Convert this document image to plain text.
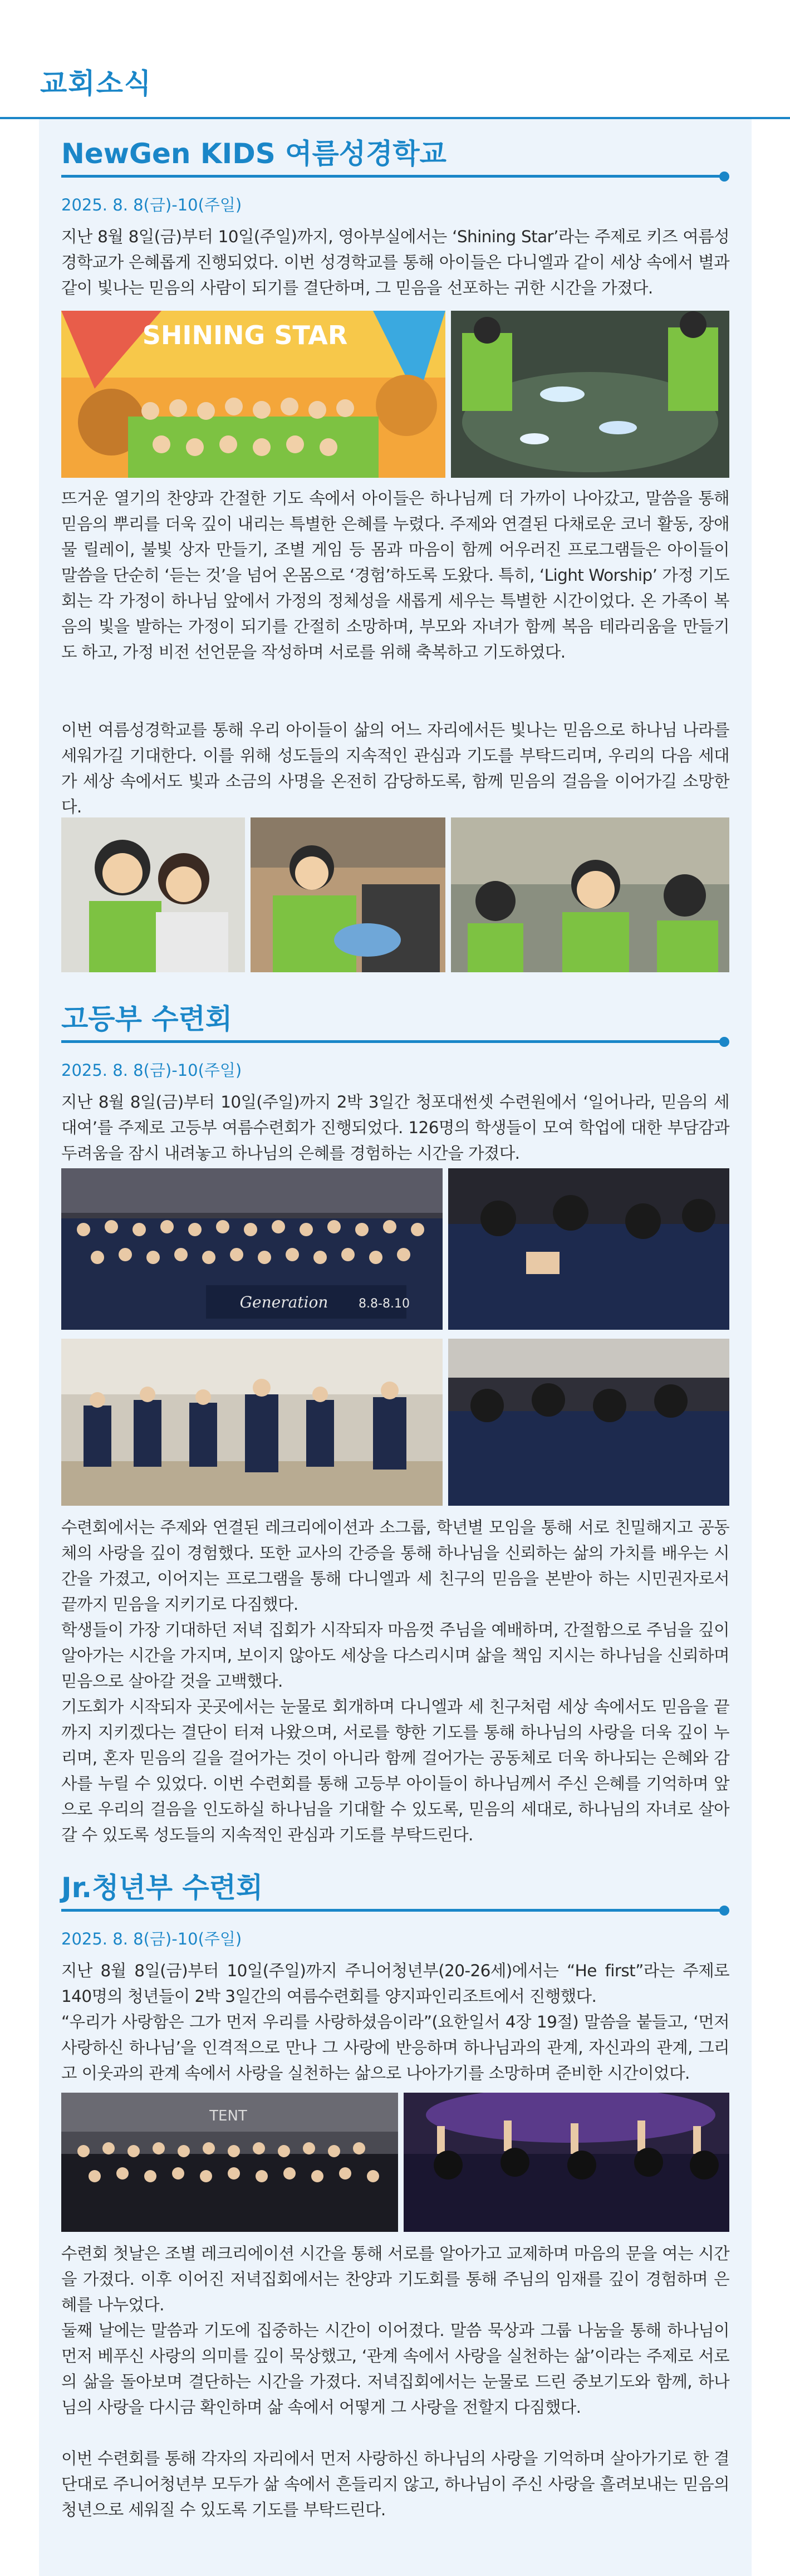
교회소식
NewGen KIDS 여름성경학교
2025. 8. 8(금)-10(주일)

지난 8월 8일(금)부터 10일(주일)까지, 영아부실에서는 ‘Shining Star’라는 주제로 키즈 여름성경학교가 은혜롭게 진행되었다. 이번 성경학교를 통해 아이들은 다니엘과 같이 세상 속에서 별과 같이 빛나는 믿음의 사람이 되기를 결단하며, 그 믿음을 선포하는 귀한 시간을 가졌다.

SHINING STAR

뜨거운 열기의 찬양과 간절한 기도 속에서 아이들은 하나님께 더 가까이 나아갔고, 말씀을 통해 믿음의 뿌리를 더욱 깊이 내리는 특별한 은혜를 누렸다. 주제와 연결된 다채로운 코너 활동, 장애물 릴레이, 불빛 상자 만들기, 조별 게임 등 몸과 마음이 함께 어우러진 프로그램들은 아이들이 말씀을 단순히 ‘듣는 것’을 넘어 온몸으로 ‘경험’하도록 도왔다. 특히, ‘Light Worship’ 가정 기도회는 각 가정이 하나님 앞에서 가정의 정체성을 새롭게 세우는 특별한 시간이었다. 온 가족이 복음의 빛을 발하는 가정이 되기를 간절히 소망하며, 부모와 자녀가 함께 복음 테라리움을 만들기도 하고, 가정 비전 선언문을 작성하며 서로를 위해 축복하고 기도하였다.

이번 여름성경학교를 통해 우리 아이들이 삶의 어느 자리에서든 빛나는 믿음으로 하나님 나라를 세워가길 기대한다. 이를 위해 성도들의 지속적인 관심과 기도를 부탁드리며, 우리의 다음 세대가 세상 속에서도 빛과 소금의 사명을 온전히 감당하도록, 함께 믿음의 걸음을 이어가길 소망한다.

고등부 수련회
2025. 8. 8(금)-10(주일)

지난 8월 8일(금)부터 10일(주일)까지 2박 3일간 청포대썬셋 수련원에서 ‘일어나라, 믿음의 세대여’를 주제로 고등부 여름수련회가 진행되었다. 126명의 학생들이 모여 학업에 대한 부담감과 두려움을 잠시 내려놓고 하나님의 은혜를 경험하는 시간을 가졌다.

Generation 8.8-8.10

수련회에서는 주제와 연결된 레크리에이션과 소그룹, 학년별 모임을 통해 서로 친밀해지고 공동체의 사랑을 깊이 경험했다. 또한 교사의 간증을 통해 하나님을 신뢰하는 삶의 가치를 배우는 시간을 가졌고, 이어지는 프로그램을 통해 다니엘과 세 친구의 믿음을 본받아 하는 시민권자로서 끝까지 믿음을 지키기로 다짐했다.

학생들이 가장 기대하던 저녁 집회가 시작되자 마음껏 주님을 예배하며, 간절함으로 주님을 깊이 알아가는 시간을 가지며, 보이지 않아도 세상을 다스리시며 삶을 책임 지시는 하나님을 신뢰하며 믿음으로 살아갈 것을 고백했다.

기도회가 시작되자 곳곳에서는 눈물로 회개하며 다니엘과 세 친구처럼 세상 속에서도 믿음을 끝까지 지키겠다는 결단이 터져 나왔으며, 서로를 향한 기도를 통해 하나님의 사랑을 더욱 깊이 누리며, 혼자 믿음의 길을 걸어가는 것이 아니라 함께 걸어가는 공동체로 더욱 하나되는 은혜와 감사를 누릴 수 있었다. 이번 수련회를 통해 고등부 아이들이 하나님께서 주신 은혜를 기억하며 앞으로 우리의 걸음을 인도하실 하나님을 기대할 수 있도록, 믿음의 세대로, 하나님의 자녀로 살아갈 수 있도록 성도들의 지속적인 관심과 기도를 부탁드린다.

Jr.청년부 수련회
2025. 8. 8(금)-10(주일)

지난 8월 8일(금)부터 10일(주일)까지 주니어청년부(20-26세)에서는 “He first”라는 주제로 140명의 청년들이 2박 3일간의 여름수련회를 양지파인리조트에서 진행했다.

“우리가 사랑함은 그가 먼저 우리를 사랑하셨음이라”(요한일서 4장 19절) 말씀을 붙들고, ‘먼저 사랑하신 하나님’을 인격적으로 만나 그 사랑에 반응하며 하나님과의 관계, 자신과의 관계, 그리고 이웃과의 관계 속에서 사랑을 실천하는 삶으로 나아가기를 소망하며 준비한 시간이었다.

TENT

수련회 첫날은 조별 레크리에이션 시간을 통해 서로를 알아가고 교제하며 마음의 문을 여는 시간을 가졌다. 이후 이어진 저녁집회에서는 찬양과 기도회를 통해 주님의 임재를 깊이 경험하며 은혜를 나누었다.

둘째 날에는 말씀과 기도에 집중하는 시간이 이어졌다. 말씀 묵상과 그룹 나눔을 통해 하나님이 먼저 베푸신 사랑의 의미를 깊이 묵상했고, ‘관계 속에서 사랑을 실천하는 삶’이라는 주제로 서로의 삶을 돌아보며 결단하는 시간을 가졌다. 저녁집회에서는 눈물로 드린 중보기도와 함께, 하나님의 사랑을 다시금 확인하며 삶 속에서 어떻게 그 사랑을 전할지 다짐했다.

이번 수련회를 통해 각자의 자리에서 먼저 사랑하신 하나님의 사랑을 기억하며 살아가기로 한 결단대로 주니어청년부 모두가 삶 속에서 흔들리지 않고, 하나님이 주신 사랑을 흘려보내는 믿음의 청년으로 세워질 수 있도록 기도를 부탁드린다.
